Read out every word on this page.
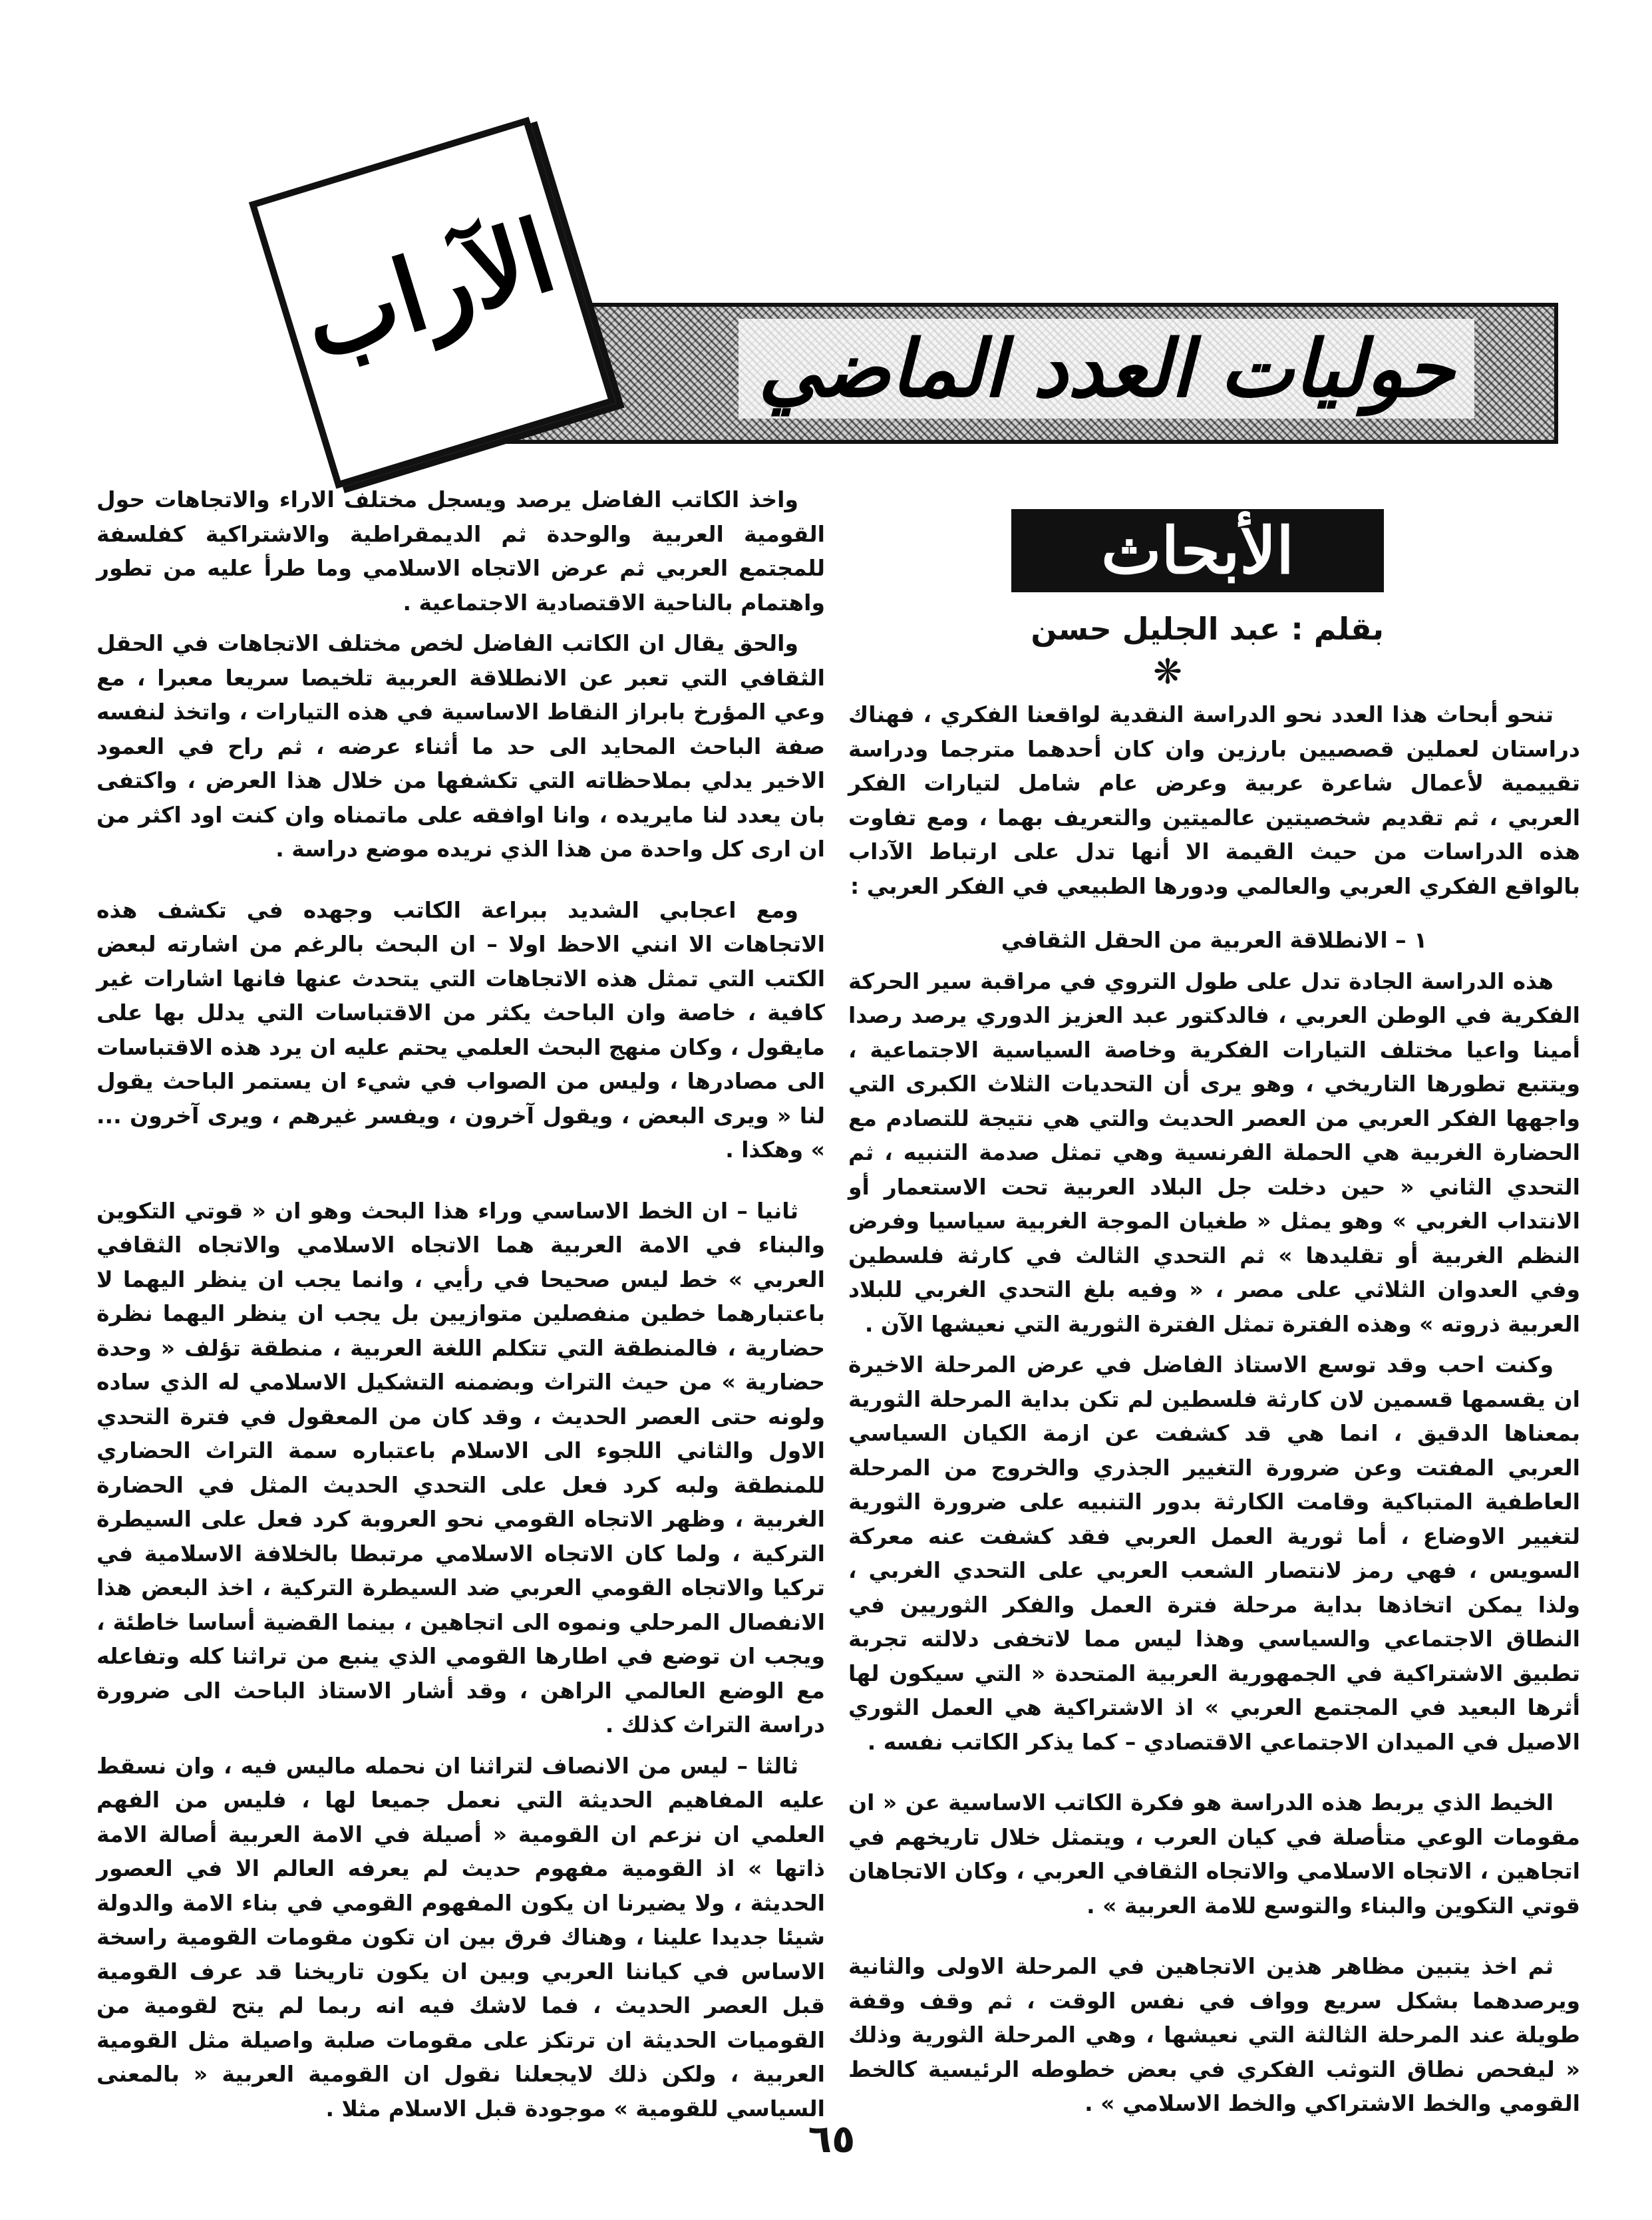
حوليات العدد الماضي
الآراب
الأبحاث
بقلم : عبد الجليل حسن
❋

تنحو أبحاث هذا العدد نحو الدراسة النقدية لواقعنا الفكري ، فهناك دراستان لعملين قصصيين بارزين وان كان أحدهما مترجما ودراسة تقييمية لأعمال شاعرة عربية وعرض عام شامل لتيارات الفكر العربي ، ثم تقديم شخصيتين عالميتين والتعريف بهما ، ومع تفاوت هذه الدراسات من حيث القيمة الا أنها تدل على ارتباط الآداب بالواقع الفكري العربي والعالمي ودورها الطبيعي في الفكر العربي :

١ – الانطلاقة العربية من الحقل الثقافي

هذه الدراسة الجادة تدل على طول التروي في مراقبة سير الحركة الفكرية في الوطن العربي ، فالدكتور عبد العزيز الدوري يرصد رصدا أمينا واعيا مختلف التيارات الفكرية وخاصة السياسية الاجتماعية ، ويتتبع تطورها التاريخي ، وهو يرى أن التحديات الثلاث الكبرى التي واجهها الفكر العربي من العصر الحديث والتي هي نتيجة للتصادم مع الحضارة الغربية هي الحملة الفرنسية وهي تمثل صدمة التنبيه ، ثم التحدي الثاني « حين دخلت جل البلاد العربية تحت الاستعمار أو الانتداب الغربي » وهو يمثل « طغيان الموجة الغربية سياسيا وفرض النظم الغربية أو تقليدها » ثم التحدي الثالث في كارثة فلسطين وفي العدوان الثلاثي على مصر ، « وفيه بلغ التحدي الغربي للبلاد العربية ذروته » وهذه الفترة تمثل الفترة الثورية التي نعيشها الآن .

وكنت احب وقد توسع الاستاذ الفاضل في عرض المرحلة الاخيرة ان يقسمها قسمين لان كارثة فلسطين لم تكن بداية المرحلة الثورية بمعناها الدقيق ، انما هي قد كشفت عن ازمة الكيان السياسي العربي المفتت وعن ضرورة التغيير الجذري والخروج من المرحلة العاطفية المتباكية وقامت الكارثة بدور التنبيه على ضرورة الثورية لتغيير الاوضاع ، أما ثورية العمل العربي فقد كشفت عنه معركة السويس ، فهي رمز لانتصار الشعب العربي على التحدي الغربي ، ولذا يمكن اتخاذها بداية مرحلة فترة العمل والفكر الثوريين في النطاق الاجتماعي والسياسي وهذا ليس مما لاتخفى دلالته تجربة تطبيق الاشتراكية في الجمهورية العربية المتحدة « التي سيكون لها أثرها البعيد في المجتمع العربي » اذ الاشتراكية هي العمل الثوري الاصيل في الميدان الاجتماعي الاقتصادي – كما يذكر الكاتب نفسه .

الخيط الذي يربط هذه الدراسة هو فكرة الكاتب الاساسية عن « ان مقومات الوعي متأصلة في كيان العرب ، ويتمثل خلال تاريخهم في اتجاهين ، الاتجاه الاسلامي والاتجاه الثقافي العربي ، وكان الاتجاهان قوتي التكوين والبناء والتوسع للامة العربية » .

ثم اخذ يتبين مظاهر هذين الاتجاهين في المرحلة الاولى والثانية ويرصدهما بشكل سريع وواف في نفس الوقت ، ثم وقف وقفة طويلة عند المرحلة الثالثة التي نعيشها ، وهي المرحلة الثورية وذلك « ليفحص نطاق التوثب الفكري في بعض خطوطه الرئيسية كالخط القومي والخط الاشتراكي والخط الاسلامي » .

واخذ الكاتب الفاضل يرصد ويسجل مختلف الاراء والاتجاهات حول القومية العربية والوحدة ثم الديمقراطية والاشتراكية كفلسفة للمجتمع العربي ثم عرض الاتجاه الاسلامي وما طرأ عليه من تطور واهتمام بالناحية الاقتصادية الاجتماعية .

والحق يقال ان الكاتب الفاضل لخص مختلف الاتجاهات في الحقل الثقافي التي تعبر عن الانطلاقة العربية تلخيصا سريعا معبرا ، مع وعي المؤرخ بابراز النقاط الاساسية في هذه التيارات ، واتخذ لنفسه صفة الباحث المحايد الى حد ما أثناء عرضه ، ثم راح في العمود الاخير يدلي بملاحظاته التي تكشفها من خلال هذا العرض ، واكتفى بان يعدد لنا مايريده ، وانا اوافقه على ماتمناه وان كنت اود اكثر من ان ارى كل واحدة من هذا الذي نريده موضع دراسة .

ومع اعجابي الشديد ببراعة الكاتب وجهده في تكشف هذه الاتجاهات الا انني الاحظ اولا – ان البحث بالرغم من اشارته لبعض الكتب التي تمثل هذه الاتجاهات التي يتحدث عنها فانها اشارات غير كافية ، خاصة وان الباحث يكثر من الاقتباسات التي يدلل بها على مايقول ، وكان منهج البحث العلمي يحتم عليه ان يرد هذه الاقتباسات الى مصادرها ، وليس من الصواب في شيء ان يستمر الباحث يقول لنا « ويرى البعض ، ويقول آخرون ، ويفسر غيرهم ، ويرى آخرون ... » وهكذا .

ثانيا – ان الخط الاساسي وراء هذا البحث وهو ان « قوتي التكوين والبناء في الامة العربية هما الاتجاه الاسلامي والاتجاه الثقافي العربي » خط ليس صحيحا في رأيي ، وانما يجب ان ينظر اليهما لا باعتبارهما خطين منفصلين متوازيين بل يجب ان ينظر اليهما نظرة حضارية ، فالمنطقة التي تتكلم اللغة العربية ، منطقة تؤلف « وحدة حضارية » من حيث التراث وبضمنه التشكيل الاسلامي له الذي ساده ولونه حتى العصر الحديث ، وقد كان من المعقول في فترة التحدي الاول والثاني اللجوء الى الاسلام باعتباره سمة التراث الحضاري للمنطقة ولبه كرد فعل على التحدي الحديث المثل في الحضارة الغربية ، وظهر الاتجاه القومي نحو العروبة كرد فعل على السيطرة التركية ، ولما كان الاتجاه الاسلامي مرتبطا بالخلافة الاسلامية في تركيا والاتجاه القومي العربي ضد السيطرة التركية ، اخذ البعض هذا الانفصال المرحلي ونموه الى اتجاهين ، بينما القضية أساسا خاطئة ، ويجب ان توضع في اطارها القومي الذي ينبع من تراثنا كله وتفاعله مع الوضع العالمي الراهن ، وقد أشار الاستاذ الباحث الى ضرورة دراسة التراث كذلك .

ثالثا – ليس من الانصاف لتراثنا ان نحمله ماليس فيه ، وان نسقط عليه المفاهيم الحديثة التي نعمل جميعا لها ، فليس من الفهم العلمي ان نزعم ان القومية « أصيلة في الامة العربية أصالة الامة ذاتها » اذ القومية مفهوم حديث لم يعرفه العالم الا في العصور الحديثة ، ولا يضيرنا ان يكون المفهوم القومي في بناء الامة والدولة شيئا جديدا علينا ، وهناك فرق بين ان تكون مقومات القومية راسخة الاساس في كياننا العربي وبين ان يكون تاريخنا قد عرف القومية قبل العصر الحديث ، فما لاشك فيه انه ربما لم يتح لقومية من القوميات الحديثة ان ترتكز على مقومات صلبة واصيلة مثل القومية العربية ، ولكن ذلك لايجعلنا نقول ان القومية العربية « بالمعنى السياسي للقومية » موجودة قبل الاسلام مثلا .

٦٥
